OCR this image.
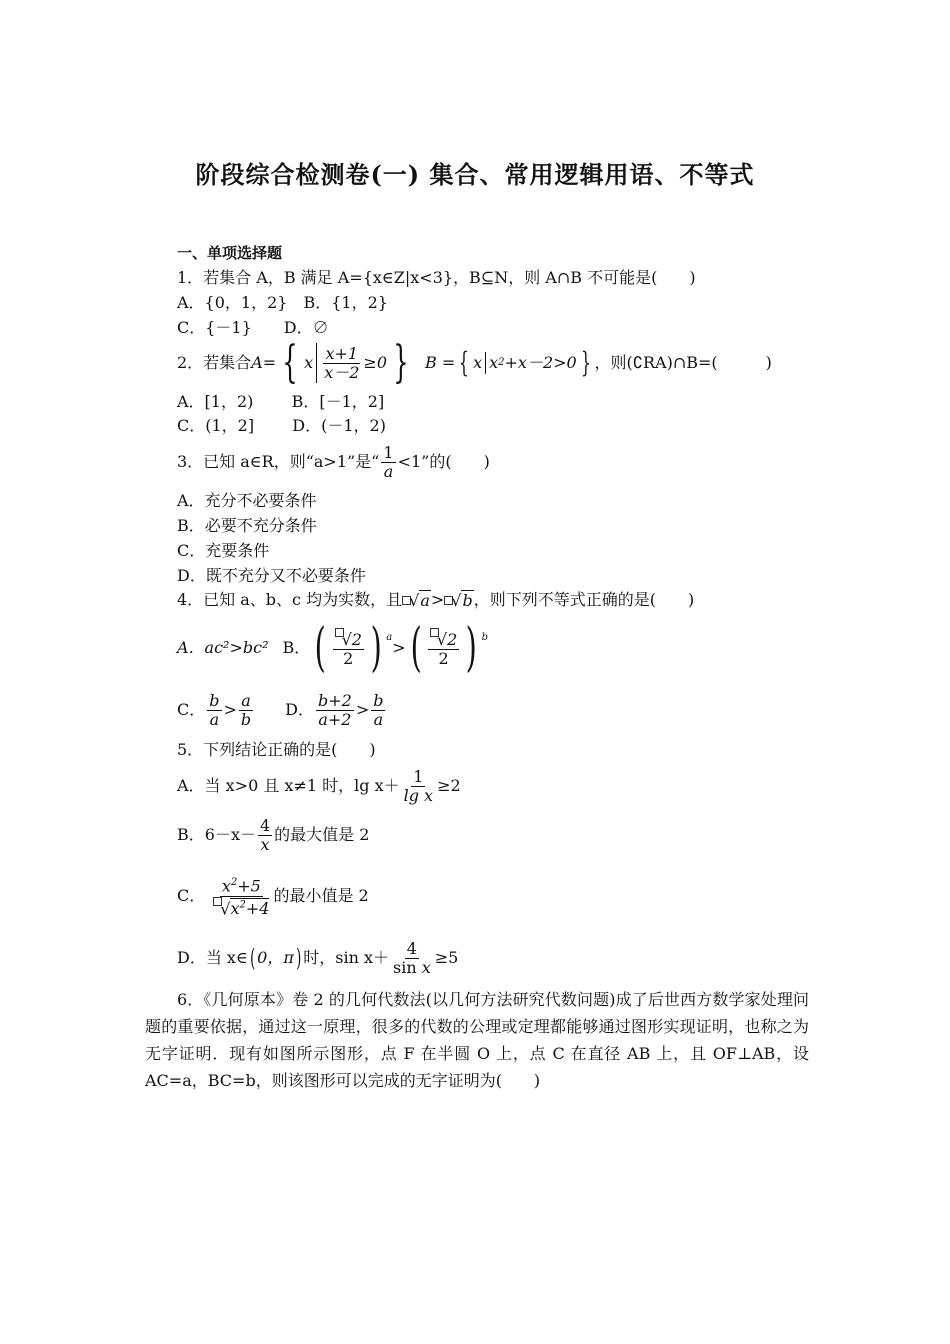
阶段综合检测卷(一) 集合、常用逻辑用语、不等式
一、单项选择题
1．若集合 A，B 满足 A={x∈Z|x<3}，B⊆N，则 A∩B 不可能是(　　)
A．{0，1，2}　B．{1，2}
C．{－1}　　D．∅
2．若集合 A= { x $\frac{x+1}{x-2} \ge 0$ } B = { x x 2 +x－2>0 } ，则(∁RA)∩B=(　　　)
A．[1，2) B．[－1，2]
C．(1，2] D．(－1，2)
3．已知 a∈R，则“a>1”是“ $\frac{1}{a} <1$”的(　　)
A．充分不必要条件
B．必要不充分条件
C．充要条件
D．既不充分又不必要条件
4．已知 a、b、c 均为实数，且 √ a > √ b ，则下列不等式正确的是(　　)
A．ac²>bc² B． ( $\frac{√2}{2}$ ) $^a$
> ( $\frac{√2}{2}$ ) $^b$
C． $\frac{b}{a} > \frac{a}{b}$ D． $\frac{b+2}{a+2} > \frac{b}{a}$
5．下列结论正确的是(　　)
A．当 x>0 且 x≠1 时，$\lg x+ \frac{1}{\text{lg x}} \ge 2$
B．$6-x- \frac{4}{x}$ 的最大值是 2
C． $\frac{x^2+5}{√x^2+4}$ 的最小值是 2
D．当 x∈ ( 0，π ) 时，$\sin x+ \frac{4}{\text{sin x}} \ge 5$
6．《几何原本》卷 2 的几何代数法(以几何方法研究代数问题)成了后世西方数学家处理问题的重要依据，通过这一原理，很多的代数的公理或定理都能够通过图形实现证明，也称之为无字证明．现有如图所示图形，点 F 在半圆 O 上，点 C 在直径 AB 上，且 OF⊥AB，设 AC=a，BC=b，则该图形可以完成的无字证明为(　　)
